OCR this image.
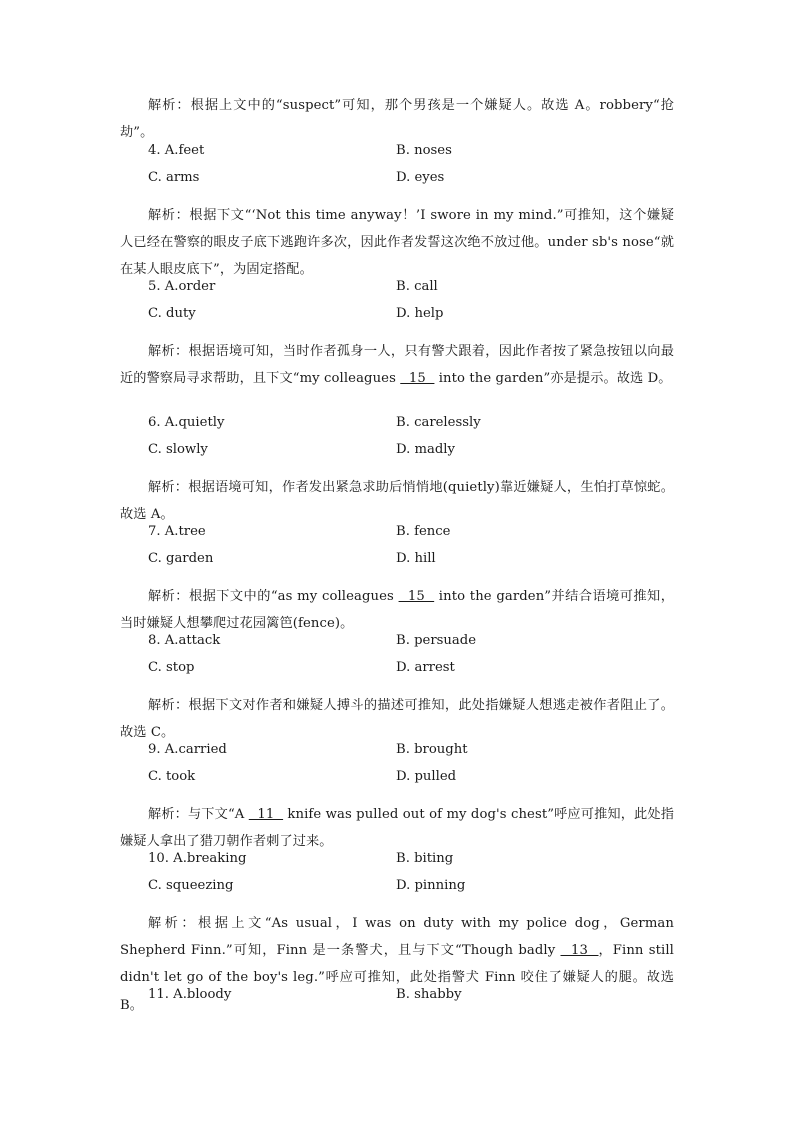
解析：根据上文中的“suspect”可知，那个男孩是一个嫌疑人。故选 A。robbery“抢劫”。
4. A.feet	B. noses
C. arms	D. eyes
解析：根据下文“‘Not this time anyway！’I swore in my mind.”可推知，这个嫌疑人已经在警察的眼皮子底下逃跑许多次，因此作者发誓这次绝不放过他。under sb's nose“就在某人眼皮底下”，为固定搭配。
5. A.order	B. call
C. duty	D. help
解析：根据语境可知，当时作者孤身一人，只有警犬跟着，因此作者按了紧急按钮以向最近的警察局寻求帮助，且下文“my colleagues   15   into the garden”亦是提示。故选 D。
6. A.quietly	B. carelessly
C. slowly	D. madly
解析：根据语境可知，作者发出紧急求助后悄悄地(quietly)靠近嫌疑人，生怕打草惊蛇。故选 A。
7. A.tree	B. fence
C. garden	D. hill
解析：根据下文中的“as my colleagues   15   into the garden”并结合语境可推知，当时嫌疑人想攀爬过花园篱笆(fence)。
8. A.attack	B. persuade
C. stop	D. arrest
解析：根据下文对作者和嫌疑人搏斗的描述可推知，此处指嫌疑人想逃走被作者阻止了。故选 C。
9. A.carried	B. brought
C. took	D. pulled
解析：与下文“A   11   knife was pulled out of my dog's chest”呼应可推知，此处指嫌疑人拿出了猎刀朝作者刺了过来。
10. A.breaking	B. biting
C. squeezing	D. pinning
解析：根据上文“As usual，I was on duty with my police dog，German Shepherd Finn.”可知，Finn 是一条警犬，且与下文“Though badly   13  ，Finn still didn't let go of the boy's leg.”呼应可推知，此处指警犬 Finn 咬住了嫌疑人的腿。故选 B。
11. A.bloody	B. shabby
